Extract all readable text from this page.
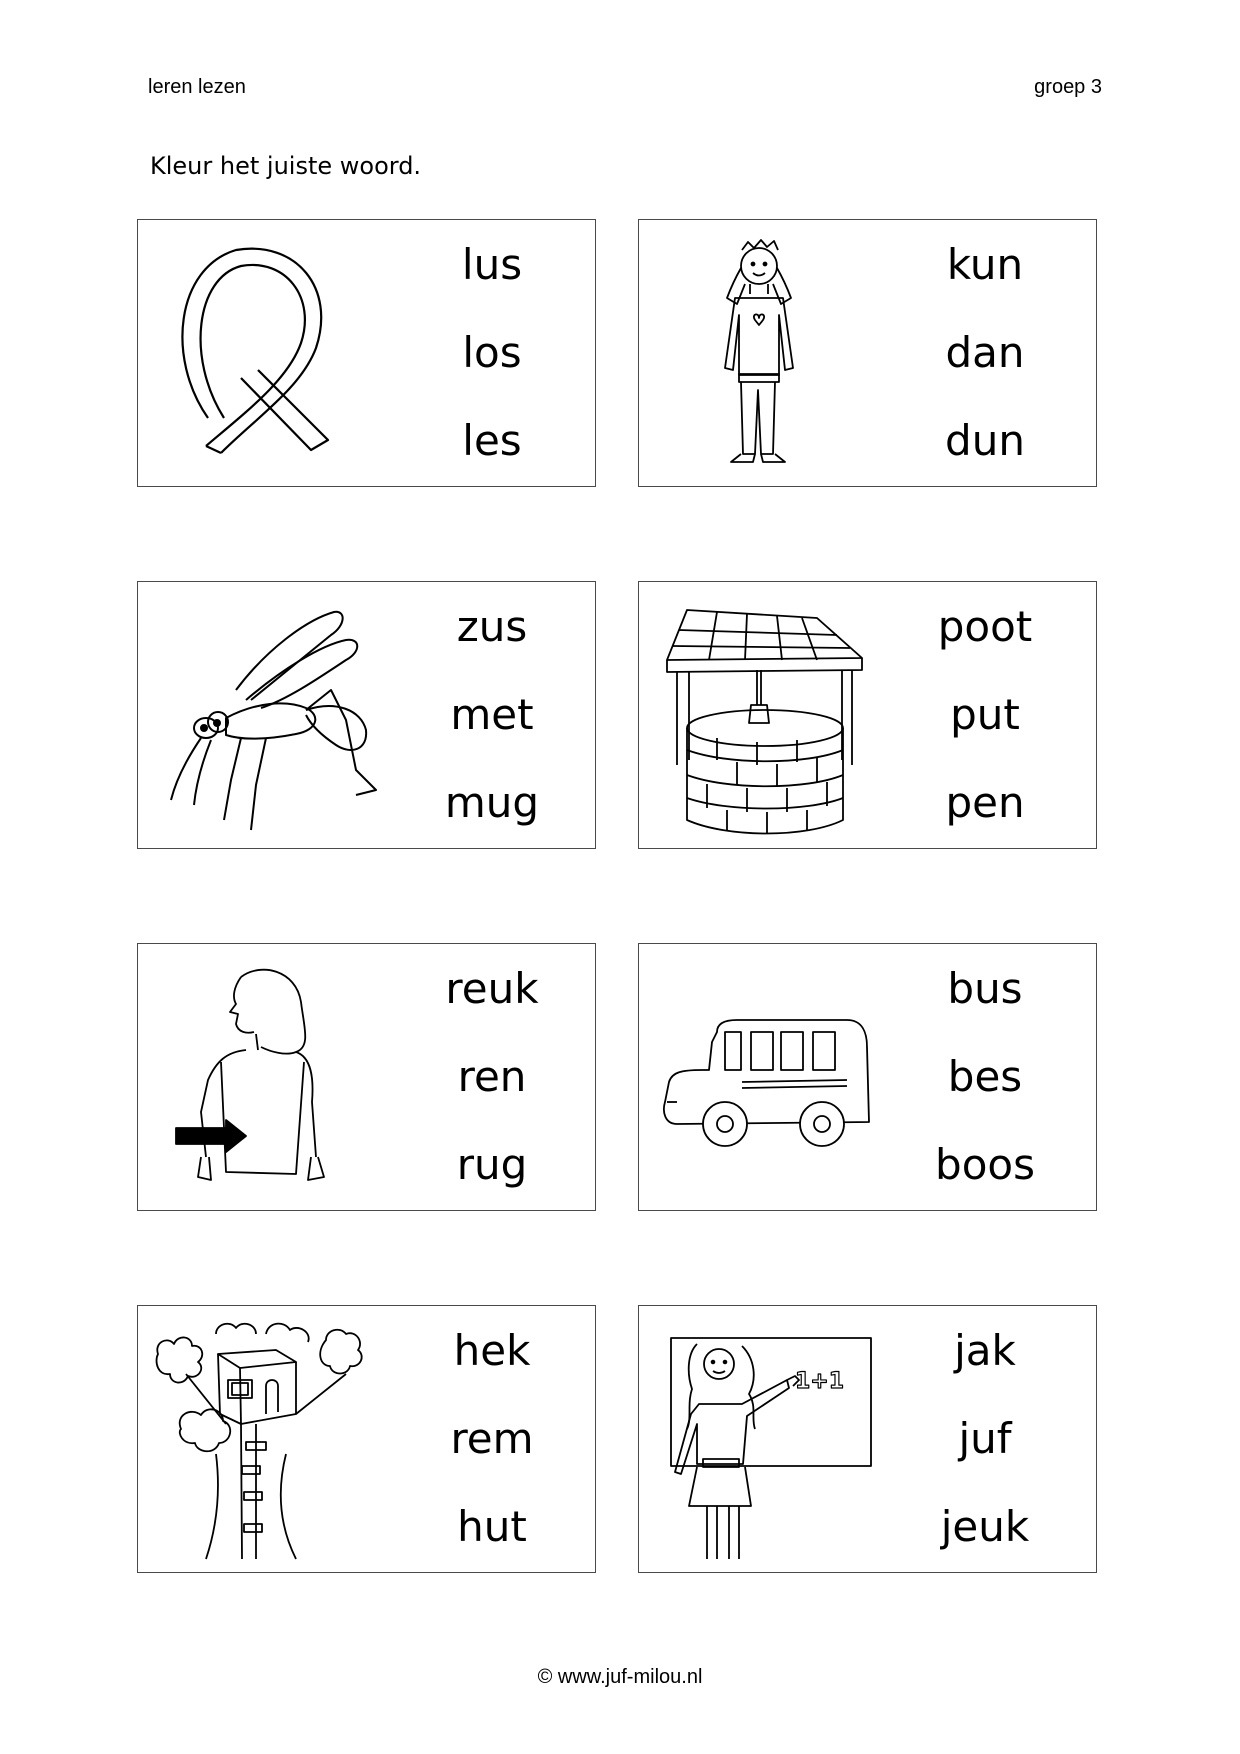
leren lezen	groep 3
Kleur het juiste woord.
lus
los
les
kun
dan
dun
zus
met
mug
poot
put
pen
reuk
ren
rug
bus
bes
boos
hek
rem
hut
1+1
jak
juf
jeuk
© www.juf-milou.nl
